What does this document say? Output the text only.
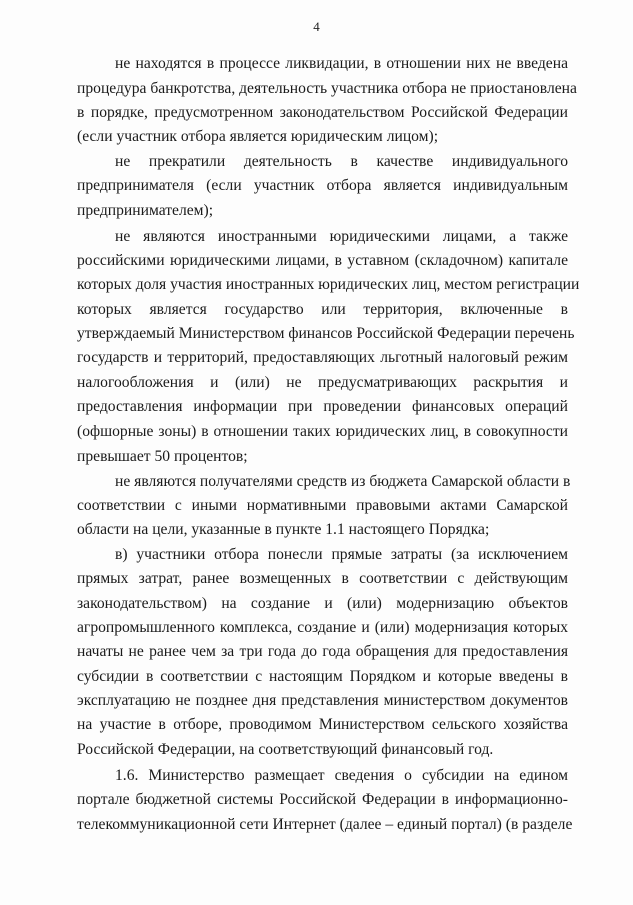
4
не находятся в процессе ликвидации, в отношении них не введена
процедура банкротства, деятельность участника отбора не приостановлена
в порядке, предусмотренном законодательством Российской Федерации
(если участник отбора является юридическим лицом);
не прекратили деятельность в качестве индивидуального
предпринимателя (если участник отбора является индивидуальным
предпринимателем);
не являются иностранными юридическими лицами, а также
российскими юридическими лицами, в уставном (складочном) капитале
которых доля участия иностранных юридических лиц, местом регистрации
которых является государство или территория, включенные в
утверждаемый Министерством финансов Российской Федерации перечень
государств и территорий, предоставляющих льготный налоговый режим
налогообложения и (или) не предусматривающих раскрытия и
предоставления информации при проведении финансовых операций
(офшорные зоны) в отношении таких юридических лиц, в совокупности
превышает 50 процентов;
не являются получателями средств из бюджета Самарской области в
соответствии с иными нормативными правовыми актами Самарской
области на цели, указанные в пункте 1.1 настоящего Порядка;
в) участники отбора понесли прямые затраты (за исключением
прямых затрат, ранее возмещенных в соответствии с действующим
законодательством) на создание и (или) модернизацию объектов
агропромышленного комплекса, создание и (или) модернизация которых
начаты не ранее чем за три года до года обращения для предоставления
субсидии в соответствии с настоящим Порядком и которые введены в
эксплуатацию не позднее дня представления министерством документов
на участие в отборе, проводимом Министерством сельского хозяйства
Российской Федерации, на соответствующий финансовый год.
1.6. Министерство размещает сведения о субсидии на едином
портале бюджетной системы Российской Федерации в информационно-
телекоммуникационной сети Интернет (далее – единый портал) (в разделе
